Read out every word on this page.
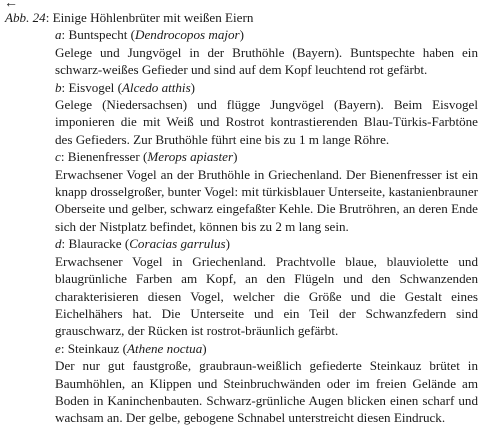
←
Abb. 24: Einige Höhlenbrüter mit weißen Eiern
a: Buntspecht (Dendrocopos major)
Gelege und Jungvögel in der Bruthöhle (Bayern). Buntspechte haben ein schwarz-weißes Gefieder und sind auf dem Kopf leuchtend rot gefärbt.
b: Eisvogel (Alcedo atthis)
Gelege (Niedersachsen) und flügge Jungvögel (Bayern). Beim Eisvogel imponieren die mit Weiß und Rostrot kontrastierenden Blau-Türkis-Farbtöne des Gefieders. Zur Bruthöhle führt eine bis zu 1 m lange Röhre.
c: Bienenfresser (Merops apiaster)
Erwachsener Vogel an der Bruthöhle in Griechenland. Der Bienenfresser ist ein knapp drosselgroßer, bunter Vogel: mit türkisblauer Unterseite, kastanienbrauner Oberseite und gelber, schwarz eingefaßter Kehle. Die Brutröhren, an deren Ende sich der Nistplatz befindet, können bis zu 2 m lang sein.
d: Blauracke (Coracias garrulus)
Erwachsener Vogel in Griechenland. Prachtvolle blaue, blauviolette und blaugrünliche Farben am Kopf, an den Flügeln und den Schwanzenden charakterisieren diesen Vogel, welcher die Größe und die Gestalt eines Eichelhähers hat. Die Unterseite und ein Teil der Schwanzfedern sind grauschwarz, der Rücken ist rostrot-bräunlich gefärbt.
e: Steinkauz (Athene noctua)
Der nur gut faustgroße, graubraun-weißlich gefiederte Steinkauz brütet in Baumhöhlen, an Klippen und Steinbruchwänden oder im freien Gelände am Boden in Kaninchenbauten. Schwarz-grünliche Augen blicken einen scharf und wachsam an. Der gelbe, gebogene Schnabel unterstreicht diesen Eindruck.
